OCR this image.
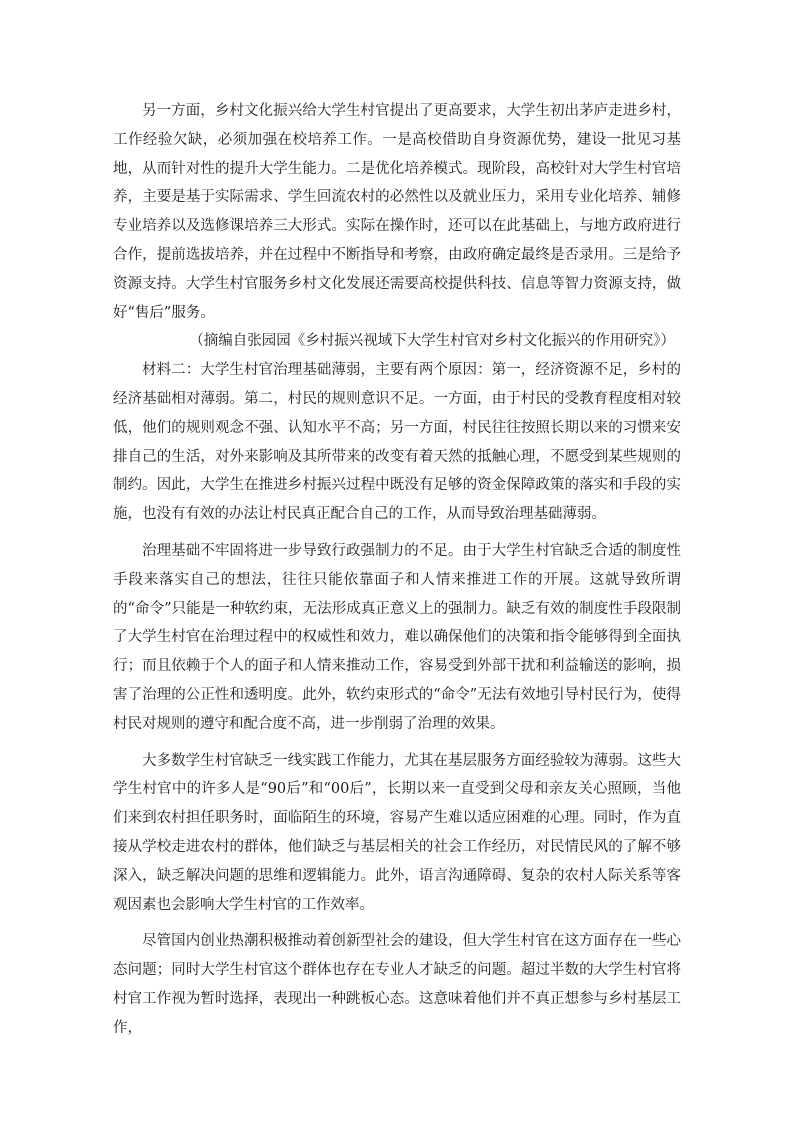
另一方面，乡村文化振兴给大学生村官提出了更高要求，大学生初出茅庐走进乡村，工作经验欠缺，必须加强在校培养工作。一是高校借助自身资源优势，建设一批见习基地，从而针对性的提升大学生能力。二是优化培养模式。现阶段，高校针对大学生村官培养，主要是基于实际需求、学生回流农村的必然性以及就业压力，采用专业化培养、辅修专业培养以及选修课培养三大形式。实际在操作时，还可以在此基础上，与地方政府进行合作，提前选拔培养，并在过程中不断指导和考察，由政府确定最终是否录用。三是给予资源支持。大学生村官服务乡村文化发展还需要高校提供科技、信息等智力资源支持，做好“售后”服务。

（摘编自张园园《乡村振兴视域下大学生村官对乡村文化振兴的作用研究》）

材料二：大学生村官治理基础薄弱，主要有两个原因：第一，经济资源不足，乡村的经济基础相对薄弱。第二，村民的规则意识不足。一方面，由于村民的受教育程度相对较低，他们的规则观念不强、认知水平不高；另一方面，村民往往按照长期以来的习惯来安排自己的生活，对外来影响及其所带来的改变有着天然的抵触心理，不愿受到某些规则的制约。因此，大学生在推进乡村振兴过程中既没有足够的资金保障政策的落实和手段的实施，也没有有效的办法让村民真正配合自己的工作，从而导致治理基础薄弱。

治理基础不牢固将进一步导致行政强制力的不足。由于大学生村官缺乏合适的制度性手段来落实自己的想法，往往只能依靠面子和人情来推进工作的开展。这就导致所谓的“命令”只能是一种软约束，无法形成真正意义上的强制力。缺乏有效的制度性手段限制了大学生村官在治理过程中的权威性和效力，难以确保他们的决策和指令能够得到全面执行；而且依赖于个人的面子和人情来推动工作，容易受到外部干扰和利益输送的影响，损害了治理的公正性和透明度。此外，软约束形式的“命令”无法有效地引导村民行为，使得村民对规则的遵守和配合度不高，进一步削弱了治理的效果。

大多数学生村官缺乏一线实践工作能力，尤其在基层服务方面经验较为薄弱。这些大学生村官中的许多人是“90后”和“00后”，长期以来一直受到父母和亲友关心照顾，当他们来到农村担任职务时，面临陌生的环境，容易产生难以适应困难的心理。同时，作为直接从学校走进农村的群体，他们缺乏与基层相关的社会工作经历，对民情民风的了解不够深入，缺乏解决问题的思维和逻辑能力。此外，语言沟通障碍、复杂的农村人际关系等客观因素也会影响大学生村官的工作效率。

尽管国内创业热潮积极推动着创新型社会的建设，但大学生村官在这方面存在一些心态问题；同时大学生村官这个群体也存在专业人才缺乏的问题。超过半数的大学生村官将村官工作视为暂时选择，表现出一种跳板心态。这意味着他们并不真正想参与乡村基层工作，
